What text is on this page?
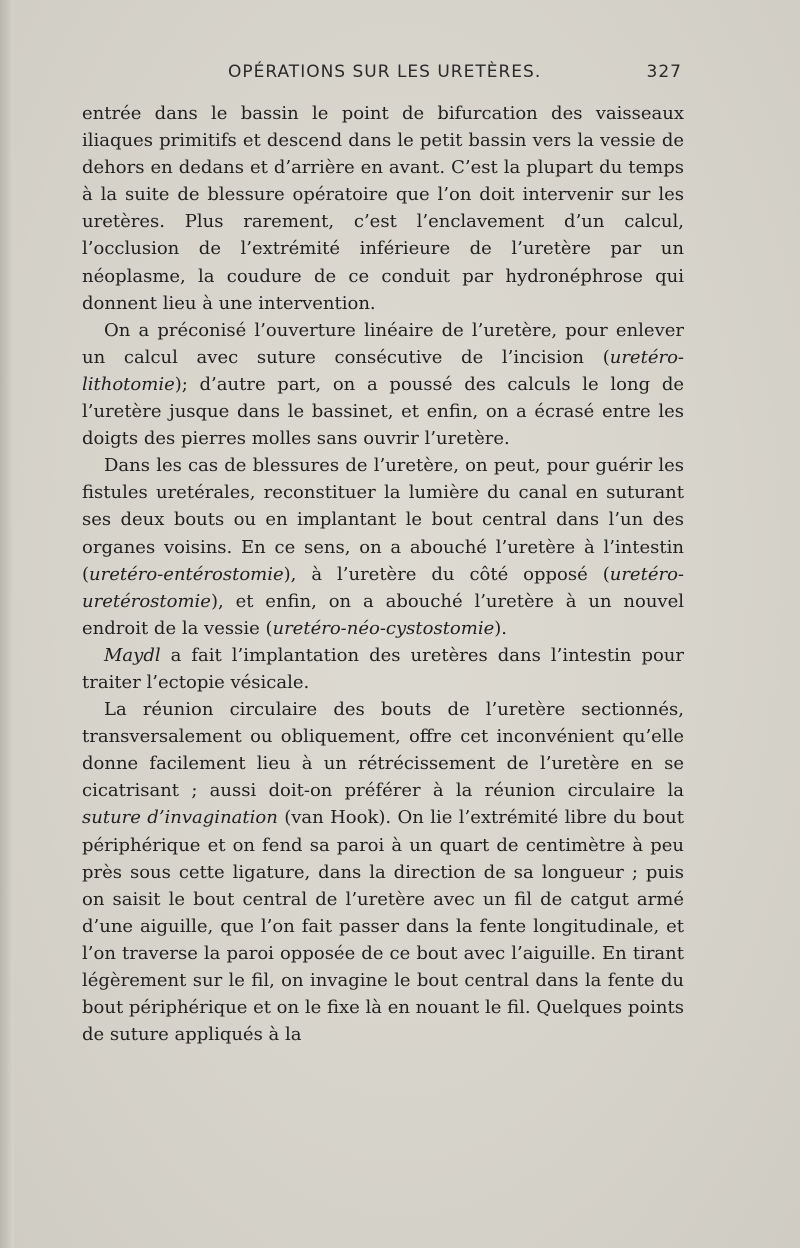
OPÉRATIONS SUR LES URETÈRES.	327

entrée dans le bassin le point de bifurcation des vaisseaux iliaques primitifs et descend dans le petit bassin vers la vessie de dehors en dedans et d’arrière en avant. C’est la plupart du temps à la suite de blessure opératoire que l’on doit intervenir sur les uretères. Plus rarement, c’est l’enclavement d’un calcul, l’occlusion de l’extrémité inférieure de l’uretère par un néoplasme, la coudure de ce conduit par hydronéphrose qui donnent lieu à une intervention.

On a préconisé l’ouverture linéaire de l’uretère, pour enlever un calcul avec suture consécutive de l’incision (uretéro-lithotomie); d’autre part, on a poussé des calculs le long de l’uretère jusque dans le bassinet, et enfin, on a écrasé entre les doigts des pierres molles sans ouvrir l’uretère.

Dans les cas de blessures de l’uretère, on peut, pour guérir les fistules uretérales, reconstituer la lumière du canal en suturant ses deux bouts ou en implantant le bout central dans l’un des organes voisins. En ce sens, on a abouché l’uretère à l’intestin (uretéro-entérostomie), à l’uretère du côté opposé (uretéro-uretérostomie), et enfin, on a abouché l’uretère à un nouvel endroit de la vessie (uretéro-néo-cystostomie).

Maydl a fait l’implantation des uretères dans l’intestin pour traiter l’ectopie vésicale.

La réunion circulaire des bouts de l’uretère sectionnés, transversalement ou obliquement, offre cet inconvénient qu’elle donne facilement lieu à un rétrécissement de l’uretère en se cicatrisant ; aussi doit-on préférer à la réunion circulaire la suture d’invagination (van Hook). On lie l’extrémité libre du bout périphérique et on fend sa paroi à un quart de centimètre à peu près sous cette ligature, dans la direction de sa longueur ; puis on saisit le bout central de l’uretère avec un fil de catgut armé d’une aiguille, que l’on fait passer dans la fente longitudinale, et l’on traverse la paroi opposée de ce bout avec l’aiguille. En tirant légèrement sur le fil, on invagine le bout central dans la fente du bout périphérique et on le fixe là en nouant le fil. Quelques points de suture appliqués à la
